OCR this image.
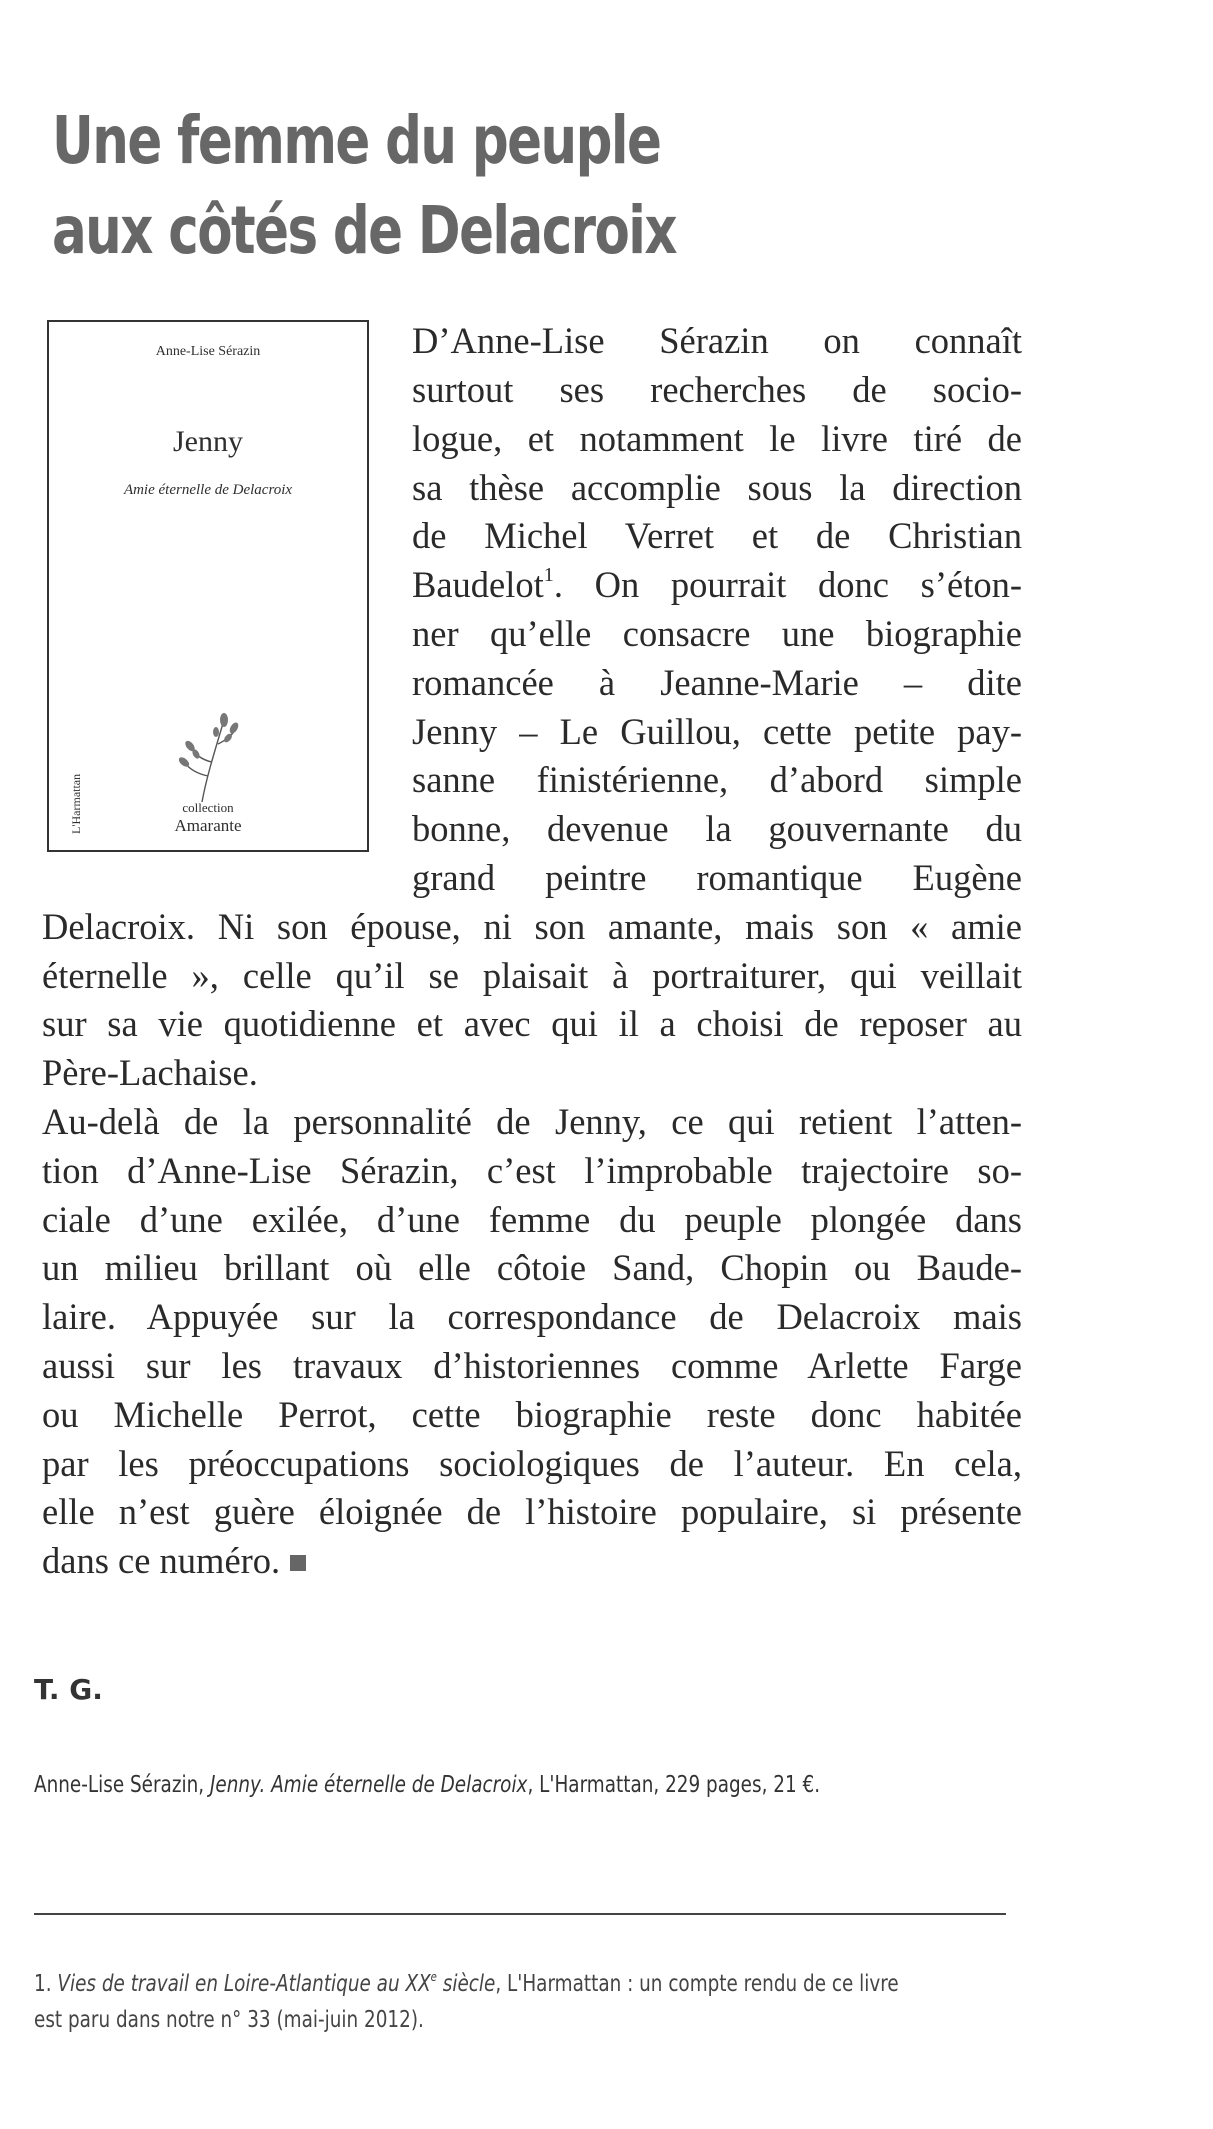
Une femme du peuple
aux côtés de Delacroix
Anne-Lise Sérazin
Jenny
Amie éternelle de Delacroix
collection
Amarante
L'Harmattan
D’Anne-Lise Sérazin on connaît
surtout ses recherches de socio-
logue, et notamment le livre tiré de
sa thèse accomplie sous la direction
de Michel Verret et de Christian
Baudelot$^1$. On pourrait donc s’éton-
ner qu’elle consacre une biographie
romancée à Jeanne-Marie – dite
Jenny – Le Guillou, cette petite pay-
sanne finistérienne, d’abord simple
bonne, devenue la gouvernante du
grand peintre romantique Eugène
Delacroix. Ni son épouse, ni son amante, mais son « amie
éternelle », celle qu’il se plaisait à portraiturer, qui veillait
sur sa vie quotidienne et avec qui il a choisi de reposer au
Père-Lachaise.
Au-delà de la personnalité de Jenny, ce qui retient l’atten-
tion d’Anne-Lise Sérazin, c’est l’improbable trajectoire so-
ciale d’une exilée, d’une femme du peuple plongée dans
un milieu brillant où elle côtoie Sand, Chopin ou Baude-
laire. Appuyée sur la correspondance de Delacroix mais
aussi sur les travaux d’historiennes comme Arlette Farge
ou Michelle Perrot, cette biographie reste donc habitée
par les préoccupations sociologiques de l’auteur. En cela,
elle n’est guère éloignée de l’histoire populaire, si présente
dans ce numéro.
T. G.
Anne-Lise Sérazin, Jenny. Amie éternelle de Delacroix, L'Harmattan, 229 pages, 21 €.
1. Vies de travail en Loire-Atlantique au XXe siècle, L'Harmattan : un compte rendu de ce livre
est paru dans notre n° 33 (mai-juin 2012).
